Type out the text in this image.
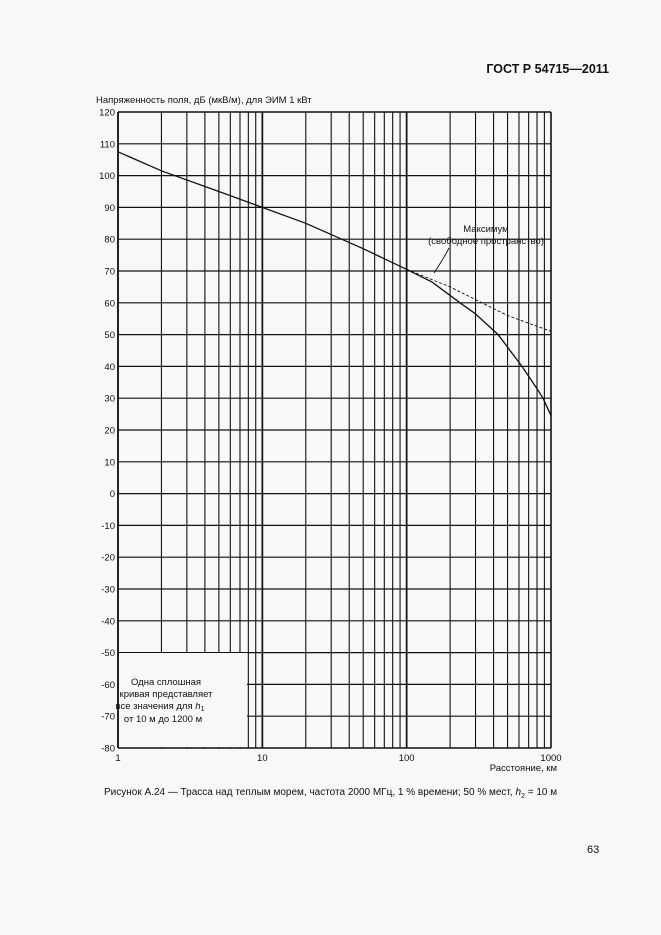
ГОСТ Р 54715—2011
Напряженность поля, дБ (мкВ/м), для ЭИМ 1 кВт
120
110
100
90
80
70
60
50
40
30
20
10
0
-10
-20
-30
-40
-50
-60
-70
-80
1	10	100	1000
Максимум
(свободное пространство)
Одна сплошная
кривая представляет
все значения для $h_1$
от 10 м до 1200 м
Расстояние, км
Рисунок А.24 — Трасса над теплым морем, частота 2000 МГц, 1 % времени; 50 % мест, $h_2 = 10$ м
63
